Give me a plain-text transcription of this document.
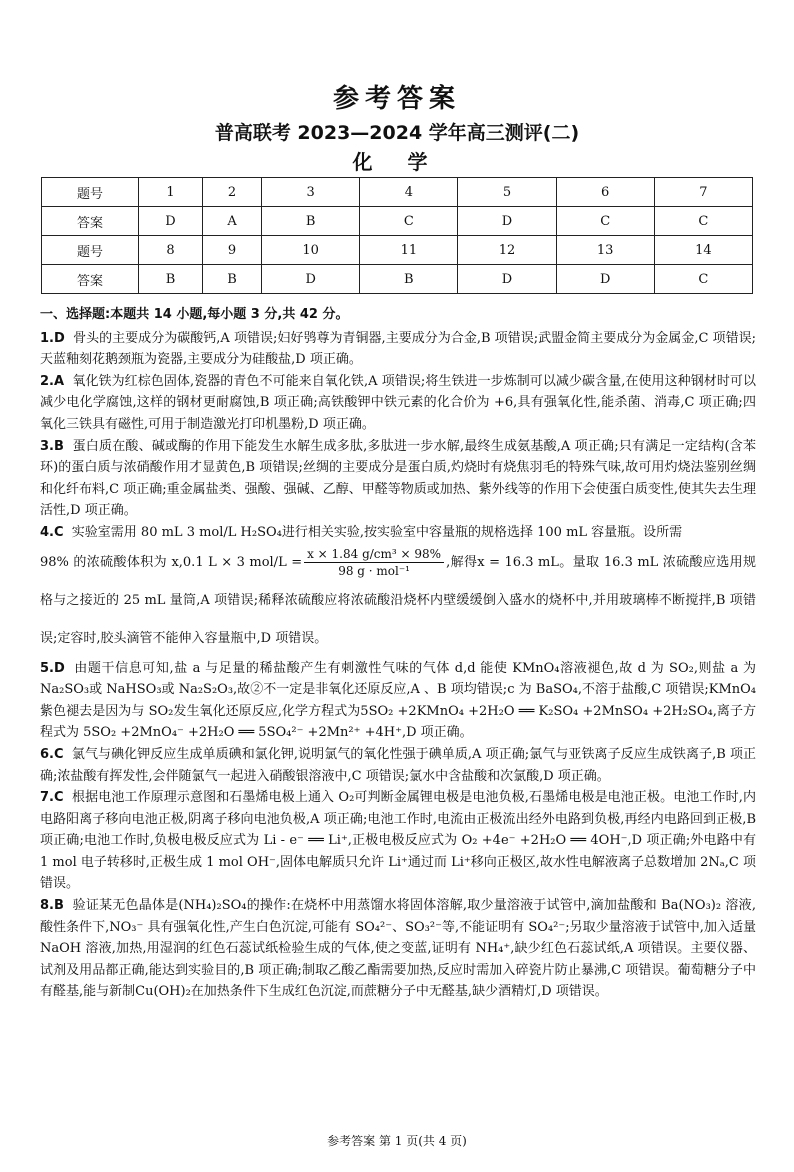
参考答案
普高联考 2023—2024 学年高三测评(二)
化 学
题号	1	2	3	4	5	6	7
答案	D	A	B	C	D	C	C
题号	8	9	10	11	12	13	14
答案	B	B	D	B	D	D	C
一、选择题:本题共 14 小题,每小题 3 分,共 42 分。

1.D 骨头的主要成分为碳酸钙,A 项错误;妇好鸮尊为青铜器,主要成分为合金,B 项错误;武盟金简主要成分为金属金,C 项错误;天蓝釉刻花鹅颈瓶为瓷器,主要成分为硅酸盐,D 项正确。

2.A 氧化铁为红棕色固体,瓷器的青色不可能来自氧化铁,A 项错误;将生铁进一步炼制可以减少碳含量,在使用这种钢材时可以减少电化学腐蚀,这样的钢材更耐腐蚀,B 项正确;高铁酸钾中铁元素的化合价为 +6,具有强氧化性,能杀菌、消毒,C 项正确;四氧化三铁具有磁性,可用于制造激光打印机墨粉,D 项正确。

3.B 蛋白质在酸、碱或酶的作用下能发生水解生成多肽,多肽进一步水解,最终生成氨基酸,A 项正确;只有满足一定结构(含苯环)的蛋白质与浓硝酸作用才显黄色,B 项错误;丝绸的主要成分是蛋白质,灼烧时有烧焦羽毛的特殊气味,故可用灼烧法鉴别丝绸和化纤布料,C 项正确;重金属盐类、强酸、强碱、乙醇、甲醛等物质或加热、紫外线等的作用下会使蛋白质变性,使其失去生理活性,D 项正确。

4.C 实验室需用 80 mL 3 mol/L H₂SO₄进行相关实验,按实验室中容量瓶的规格选择 100 mL 容量瓶。设所需

98% 的浓硫酸体积为 x,0.1 L × 3 $mol/L = \frac{\text{x × 1.84 g/cm³ × 98\%}}{\text{98 g · mol⁻¹}}$ ,解得x = 16.3 mL。量取 16.3 mL 浓硫酸应选用规格与之接近的 25 mL 量筒,A 项错误;稀释浓硫酸应将浓硫酸沿烧杯内壁缓缓倒入盛水的烧杯中,并用玻璃棒不断搅拌,B 项错误;定容时,胶头滴管不能伸入容量瓶中,D 项错误。

5.D 由题干信息可知,盐 a 与足量的稀盐酸产生有刺激性气味的气体 d,d 能使 KMnO₄溶液褪色,故 d 为 SO₂,则盐 a 为 Na₂SO₃或 NaHSO₃或 Na₂S₂O₃,故②不一定是非氧化还原反应,A 、B 项均错误;c 为 BaSO₄,不溶于盐酸,C 项错误;KMnO₄紫色褪去是因为与 SO₂发生氧化还原反应,化学方程式为5SO₂ +2KMnO₄ +2H₂O ══ K₂SO₄ +2MnSO₄ +2H₂SO₄,离子方程式为 5SO₂ +2MnO₄⁻ +2H₂O ══ 5SO₄²⁻ +2Mn²⁺ +4H⁺,D 项正确。

6.C 氯气与碘化钾反应生成单质碘和氯化钾,说明氯气的氧化性强于碘单质,A 项正确;氯气与亚铁离子反应生成铁离子,B 项正确;浓盐酸有挥发性,会伴随氯气一起进入硝酸银溶液中,C 项错误;氯水中含盐酸和次氯酸,D 项正确。

7.C 根据电池工作原理示意图和石墨烯电极上通入 O₂可判断金属锂电极是电池负极,石墨烯电极是电池正极。电池工作时,内电路阳离子移向电池正极,阴离子移向电池负极,A 项正确;电池工作时,电流由正极流出经外电路到负极,再经内电路回到正极,B 项正确;电池工作时,负极电极反应式为 Li - e⁻ ══ Li⁺,正极电极反应式为 O₂ +4e⁻ +2H₂O ══ 4OH⁻,D 项正确;外电路中有 1 mol 电子转移时,正极生成 1 mol OH⁻,固体电解质只允许 Li⁺通过而 Li⁺移向正极区,故水性电解液离子总数增加 2Nₐ,C 项错误。

8.B 验证某无色晶体是(NH₄)₂SO₄的操作:在烧杯中用蒸馏水将固体溶解,取少量溶液于试管中,滴加盐酸和 Ba(NO₃)₂ 溶液,酸性条件下,NO₃⁻ 具有强氧化性,产生白色沉淀,可能有 SO₄²⁻、SO₃²⁻等,不能证明有 SO₄²⁻;另取少量溶液于试管中,加入适量 NaOH 溶液,加热,用湿润的红色石蕊试纸检验生成的气体,使之变蓝,证明有 NH₄⁺,缺少红色石蕊试纸,A 项错误。主要仪器、试剂及用品都正确,能达到实验目的,B 项正确;制取乙酸乙酯需要加热,反应时需加入碎瓷片防止暴沸,C 项错误。葡萄糖分子中有醛基,能与新制Cu(OH)₂在加热条件下生成红色沉淀,而蔗糖分子中无醛基,缺少酒精灯,D 项错误。

参考答案 第 1 页(共 4 页)
